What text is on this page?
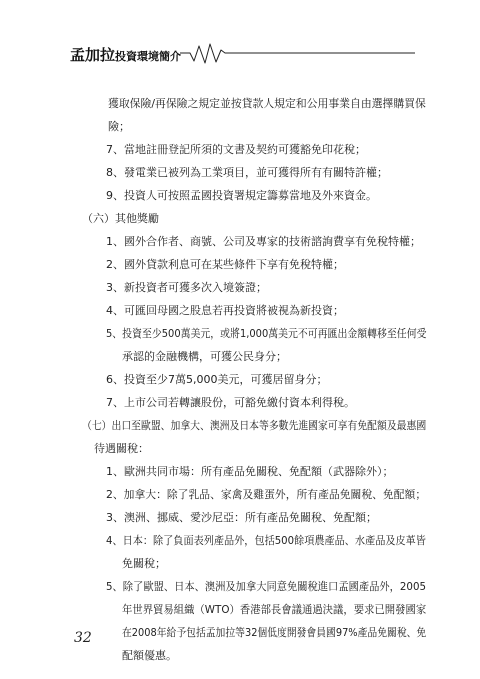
孟加拉投資環境簡介
獲取保險/再保險之規定並按貸款人規定和公用事業自由選擇購買保
險；
7、當地註冊登記所須的文書及契約可獲豁免印花稅；
8、發電業已被列為工業項目，並可獲得所有有關特許權；
9、投資人可按照孟國投資署規定籌募當地及外來資金。
（六）其他獎勵
1、國外合作者、商號、公司及專家的技術諮詢費享有免稅特權；
2、國外貸款利息可在某些條件下享有免稅特權；
3、新投資者可獲多次入境簽證；
4、可匯回母國之股息若再投資將被視為新投資；
5、投資至少500萬美元，或將1,000萬美元不可再匯出金額轉移至任何受
承認的金融機構，可獲公民身分；
6、投資至少7萬5,000美元，可獲居留身分；
7、上市公司若轉讓股份，可豁免繳付資本利得稅。
（七）出口至歐盟、加拿大、澳洲及日本等多數先進國家可享有免配額及最惠國
待遇關稅：
1、歐洲共同市場：所有產品免關稅、免配額（武器除外）；
2、加拿大：除了乳品、家禽及雞蛋外，所有產品免關稅、免配額；
3、澳洲、挪威、愛沙尼亞：所有產品免關稅、免配額；
4、日本：除了負面表列產品外，包括500餘項農產品、水產品及皮革皆
免關稅；
5、除了歐盟、日本、澳洲及加拿大同意免關稅進口孟國產品外，2005
年世界貿易組織（WTO）香港部長會議通過決議，要求已開發國家
在2008年給予包括孟加拉等32個低度開發會員國97%產品免關稅、免
配額優惠。
32
